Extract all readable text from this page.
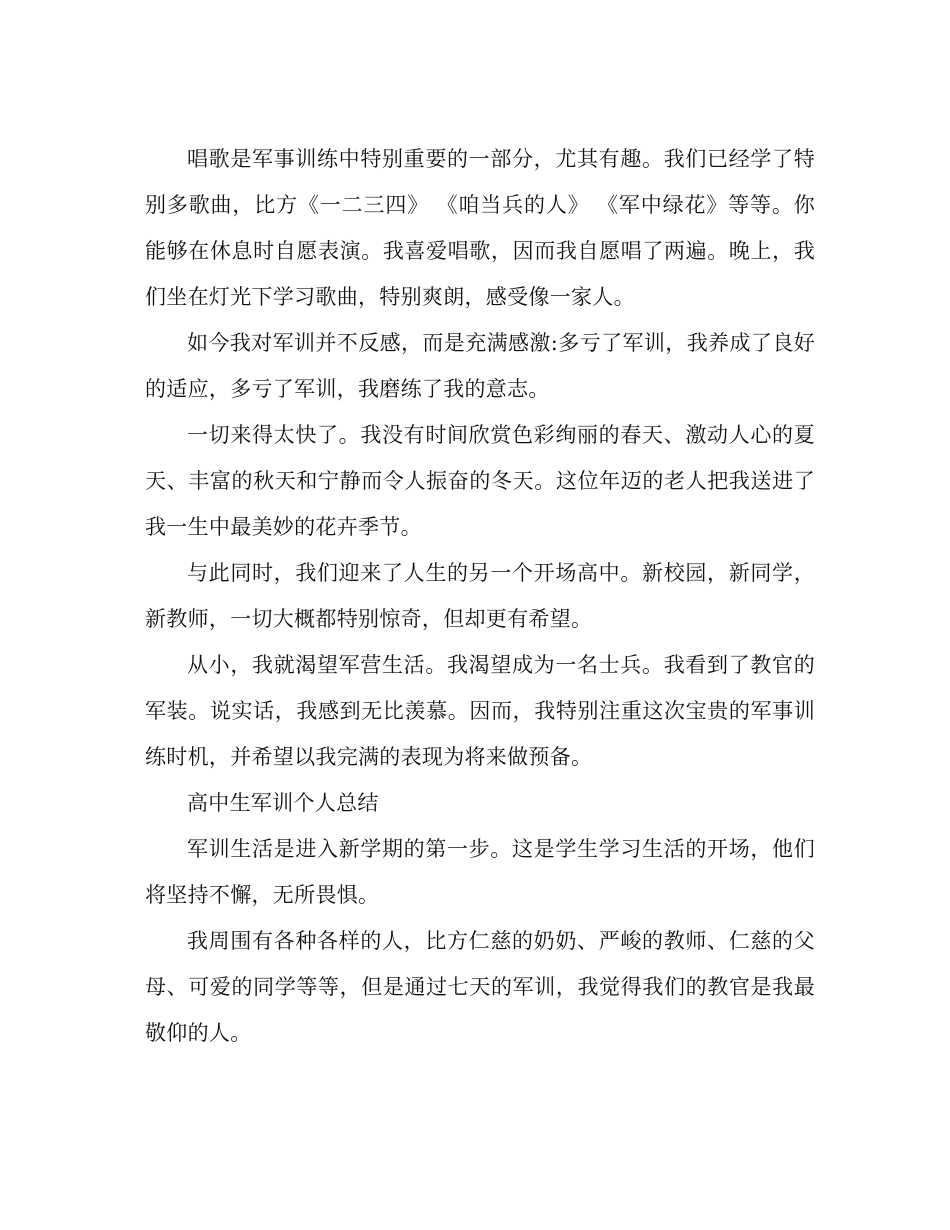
唱歌是军事训练中特别重要的一部分，尤其有趣。我们已经学了特别多歌曲，比方《一二三四》 《咱当兵的人》 《军中绿花》等等。你能够在休息时自愿表演。我喜爱唱歌，因而我自愿唱了两遍。晚上，我们坐在灯光下学习歌曲，特别爽朗，感受像一家人。

如今我对军训并不反感，而是充满感激:多亏了军训，我养成了良好的适应，多亏了军训，我磨练了我的意志。

一切来得太快了。我没有时间欣赏色彩绚丽的春天、激动人心的夏天、丰富的秋天和宁静而令人振奋的冬天。这位年迈的老人把我送进了我一生中最美妙的花卉季节。

与此同时，我们迎来了人生的另一个开场高中。新校园，新同学，新教师，一切大概都特别惊奇，但却更有希望。

从小，我就渴望军营生活。我渴望成为一名士兵。我看到了教官的军装。说实话，我感到无比羡慕。因而，我特别注重这次宝贵的军事训练时机，并希望以我完满的表现为将来做预备。

高中生军训个人总结

军训生活是进入新学期的第一步。这是学生学习生活的开场，他们将坚持不懈，无所畏惧。

我周围有各种各样的人，比方仁慈的奶奶、严峻的教师、仁慈的父母、可爱的同学等等，但是通过七天的军训，我觉得我们的教官是我最敬仰的人。
